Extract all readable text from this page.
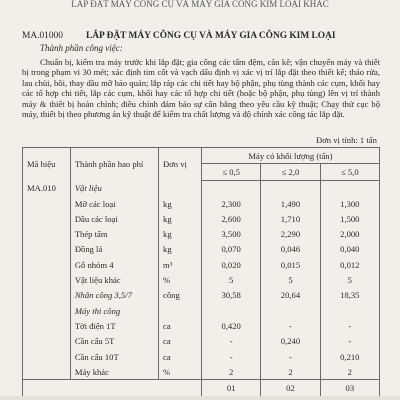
LẮP ĐẶT MÁY CÔNG CỤ VÀ MÁY GIA CÔNG KIM LOẠI KHÁC
MA.01000 LẮP ĐẶT MÁY CÔNG CỤ VÀ MÁY GIA CÔNG KIM LOẠI
Thành phần công việc:
Chuẩn bị, kiểm tra máy trước khi lắp đặt; gia công các tấm đệm, căn kê; vận chuyển máy và thiết bị trong phạm vi 30 mét; xác định tim cốt và vạch dấu định vị xác vị trí lắp đặt theo thiết kế; tháo rửa, lau chùi, bôi, thay dầu mỡ bảo quản; lắp ráp các chi tiết hay bộ phận, phụ tùng thành các cụm, khối hay các tổ hợp chi tiết, lắp các cụm, khối hay các tổ hợp chi tiết (hoặc bộ phận, phụ tùng) lên vị trí thành máy & thiết bị hoàn chỉnh; điều chỉnh đảm bảo sự cân bằng theo yêu cầu kỹ thuật; Chạy thử cục bộ máy, thiết bị theo phương án kỹ thuật để kiểm tra chất lượng và độ chính xác công tác lắp đặt.
Đơn vị tính: 1 tấn
Mã hiệu	Thành phần hao phí	Đơn vị	Máy có khối lượng (tấn)		
			≤ 0,5	≤ 2,0	≤ 5,0
MA.010	Vật liệu				
	Mỡ các loại	kg	2,300	1,490	1,300
	Dầu các loại	kg	2,600	1,710	1,500
	Thép tấm	kg	3,500	2,290	2,000
	Đồng lá	kg	0,070	0,046	0,040
	Gỗ nhóm 4	m³	0,020	0,015	0,012
	Vật liệu khác	%	5	5	5
	Nhân công 3,5/7	công	30,58	20,64	18,35
	Máy thi công				
	Tời điện 1T	ca	0,420	-	-
	Cần cẩu 5T	ca	-	0,240	-
	Cần cẩu 10T	ca	-	-	0,210
	Máy khác	%	2	2	2
			01	02	03
